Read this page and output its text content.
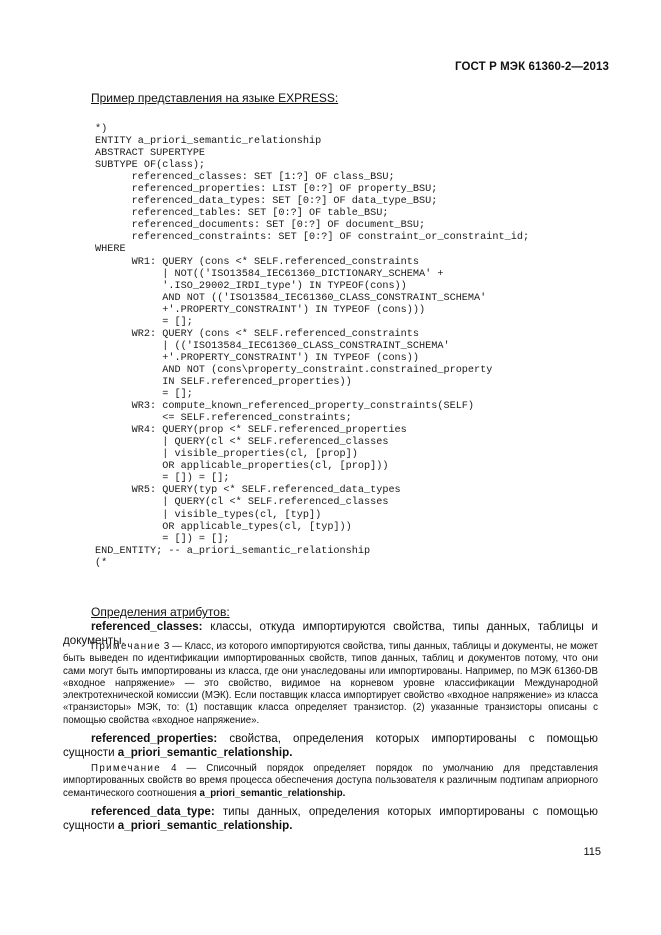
ГОСТ Р МЭК 61360-2—2013
Пример представления на языке EXPRESS:
*)
ENTITY a_priori_semantic_relationship
ABSTRACT SUPERTYPE
SUBTYPE OF(class);
referenced_classes: SET [1:?] OF class_BSU;
referenced_properties: LIST [0:?] OF property_BSU;
referenced_data_types: SET [0:?] OF data_type_BSU;
referenced_tables: SET [0:?] OF table_BSU;
referenced_documents: SET [0:?] OF document_BSU;
referenced_constraints: SET [0:?] OF constraint_or_constraint_id;
WHERE
WR1: QUERY (cons <* SELF.referenced_constraints
| NOT(('ISO13584_IEC61360_DICTIONARY_SCHEMA' +
'.ISO_29002_IRDI_type') IN TYPEOF(cons))
AND NOT (('ISO13584_IEC61360_CLASS_CONSTRAINT_SCHEMA'
+'.PROPERTY_CONSTRAINT') IN TYPEOF (cons)))
= [];
WR2: QUERY (cons <* SELF.referenced_constraints
| (('ISO13584_IEC61360_CLASS_CONSTRAINT_SCHEMA'
+'.PROPERTY_CONSTRAINT') IN TYPEOF (cons))
AND NOT (cons\property_constraint.constrained_property
IN SELF.referenced_properties))
= [];
WR3: compute_known_referenced_property_constraints(SELF)
<= SELF.referenced_constraints;
WR4: QUERY(prop <* SELF.referenced_properties
| QUERY(cl <* SELF.referenced_classes
| visible_properties(cl, [prop])
OR applicable_properties(cl, [prop]))
= []) = [];
WR5: QUERY(typ <* SELF.referenced_data_types
| QUERY(cl <* SELF.referenced_classes
| visible_types(cl, [typ])
OR applicable_types(cl, [typ]))
= []) = [];
END_ENTITY; -- a_priori_semantic_relationship
(*
Определения атрибутов:

referenced_classes: классы, откуда импортируются свойства, типы данных, таблицы и документы.

Примечание 3 — Класс, из которого импортируются свойства, типы данных, таблицы и документы, не может быть выведен по идентификации импортированных свойств, типов данных, таблиц и документов потому, что они сами могут быть импортированы из класса, где они унаследованы или импортированы. Например, по МЭК 61360-DB «входное напряжение» — это свойство, видимое на корневом уровне классификации Международной электротехнической комиссии (МЭК). Если поставщик класса импортирует свойство «входное напряжение» из класса «транзисторы» МЭК, то: (1) поставщик класса определяет транзистор. (2) указанные транзисторы описаны с помощью свойства «входное напряжение».

referenced_properties: свойства, определения которых импортированы с помощью сущности a_priori_semantic_relationship.

Примечание 4 — Списочный порядок определяет порядок по умолчанию для представления импортированных свойств во время процесса обеспечения доступа пользователя к различным подтипам априорного семантического соотношения a_priori_semantic_relationship.

referenced_data_type: типы данных, определения которых импортированы с помощью сущности a_priori_semantic_relationship.

115
